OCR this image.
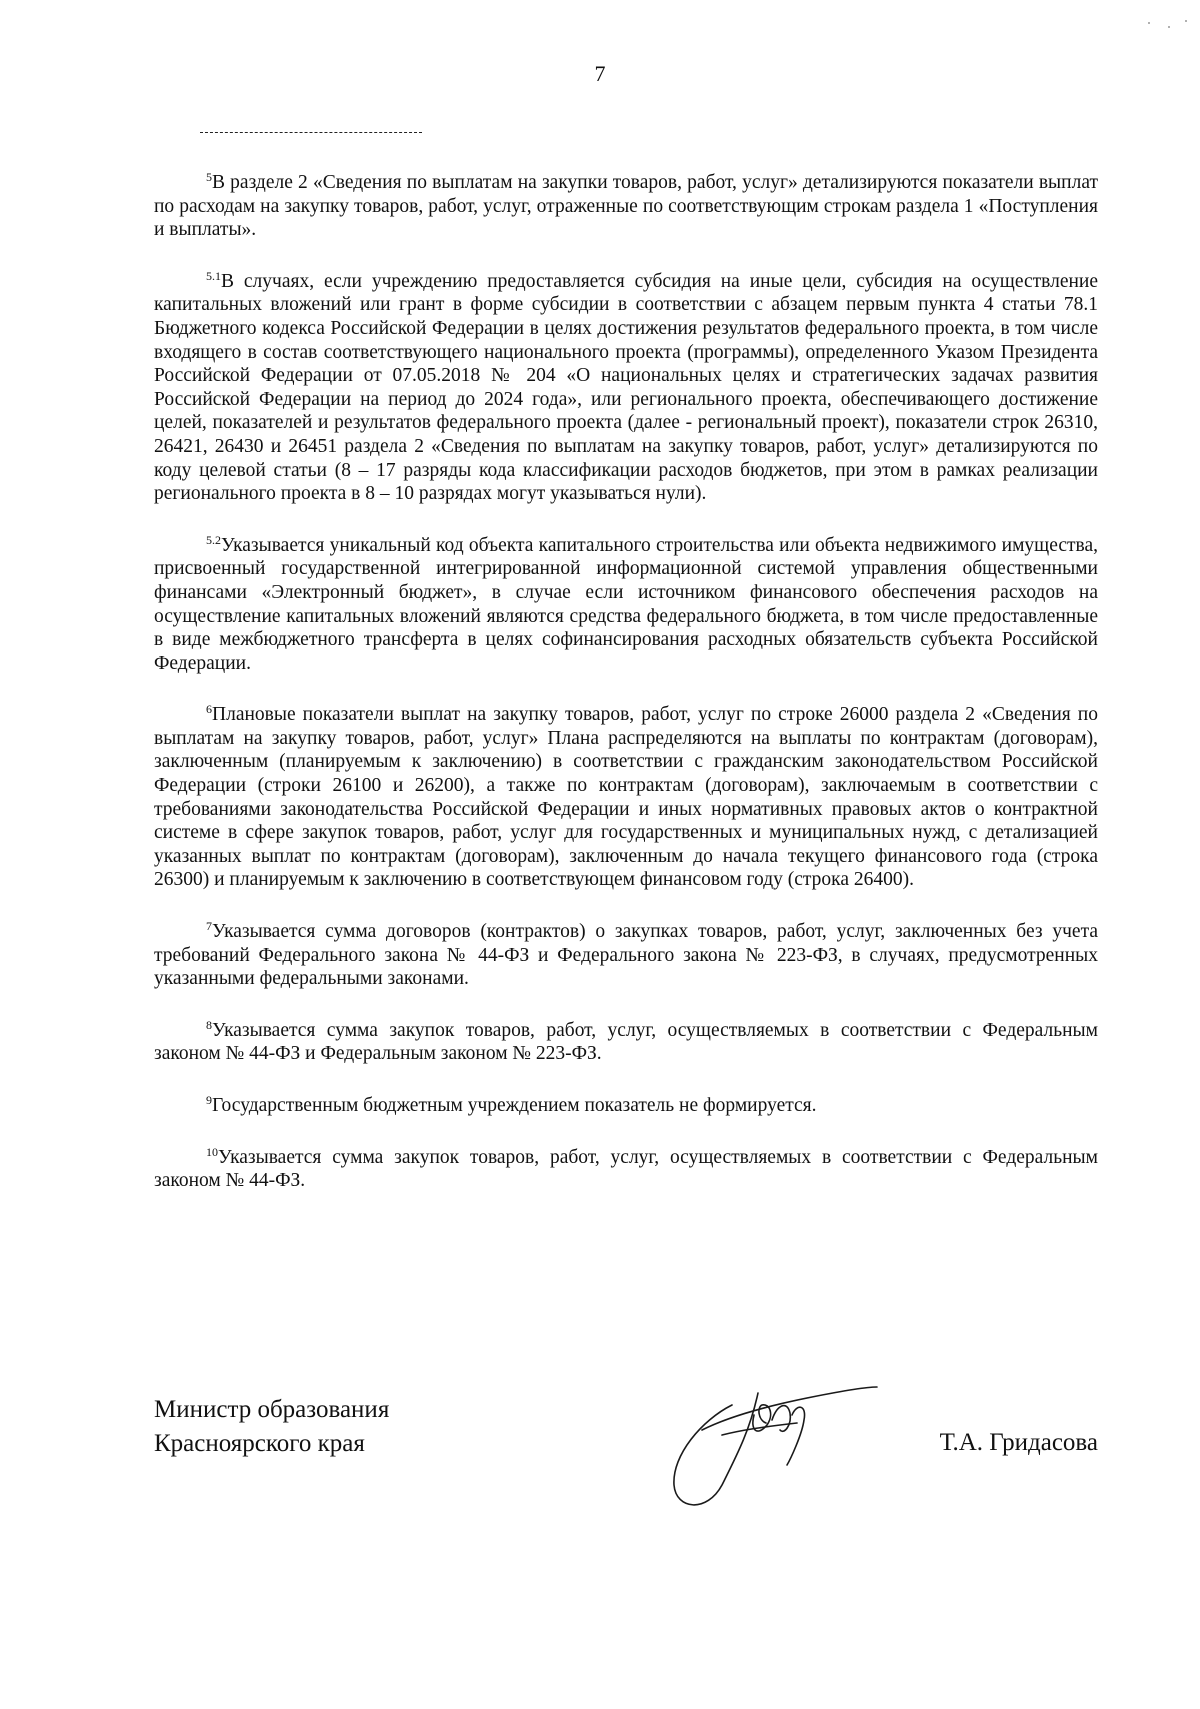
7

$^5$В разделе 2 «Сведения по выплатам на закупки товаров, работ, услуг» детализируются показатели выплат по расходам на закупку товаров, работ, услуг, отраженные по соответствующим строкам раздела 1 «Поступления и выплаты».

$^{5.1}$В случаях, если учреждению предоставляется субсидия на иные цели, субсидия на осуществление капитальных вложений или грант в форме субсидии в соответствии с абзацем первым пункта 4 статьи 78.1 Бюджетного кодекса Российской Федерации в целях достижения результатов федерального проекта, в том числе входящего в состав соответствующего национального проекта (программы), определенного Указом Президента Российской Федерации от 07.05.2018 № 204 «О национальных целях и стратегических задачах развития Российской Федерации на период до 2024 года», или регионального проекта, обеспечивающего достижение целей, показателей и результатов федерального проекта (далее - региональный проект), показатели строк 26310, 26421, 26430 и 26451 раздела 2 «Сведения по выплатам на закупку товаров, работ, услуг» детализируются по коду целевой статьи (8 – 17 разряды кода классификации расходов бюджетов, при этом в рамках реализации регионального проекта в 8 – 10 разрядах могут указываться нули).

$^{5.2}$Указывается уникальный код объекта капитального строительства или объекта недвижимого имущества, присвоенный государственной интегрированной информационной системой управления общественными финансами «Электронный бюджет», в случае если источником финансового обеспечения расходов на осуществление капитальных вложений являются средства федерального бюджета, в том числе предоставленные в виде межбюджетного трансферта в целях софинансирования расходных обязательств субъекта Российской Федерации.

$^6$Плановые показатели выплат на закупку товаров, работ, услуг по строке 26000 раздела 2 «Сведения по выплатам на закупку товаров, работ, услуг» Плана распределяются на выплаты по контрактам (договорам), заключенным (планируемым к заключению) в соответствии с гражданским законодательством Российской Федерации (строки 26100 и 26200), а также по контрактам (договорам), заключаемым в соответствии с требованиями законодательства Российской Федерации и иных нормативных правовых актов о контрактной системе в сфере закупок товаров, работ, услуг для государственных и муниципальных нужд, с детализацией указанных выплат по контрактам (договорам), заключенным до начала текущего финансового года (строка 26300) и планируемым к заключению в соответствующем финансовом году (строка 26400).

$^7$Указывается сумма договоров (контрактов) о закупках товаров, работ, услуг, заключенных без учета требований Федерального закона № 44-ФЗ и Федерального закона № 223-ФЗ, в случаях, предусмотренных указанными федеральными законами.

$^8$Указывается сумма закупок товаров, работ, услуг, осуществляемых в соответствии с Федеральным законом № 44-ФЗ и Федеральным законом № 223-ФЗ.

$^9$Государственным бюджетным учреждением показатель не формируется.

$^{10}$Указывается сумма закупок товаров, работ, услуг, осуществляемых в соответствии с Федеральным законом № 44-ФЗ.

Министр образования
Красноярского края	Т.А. Гридасова
